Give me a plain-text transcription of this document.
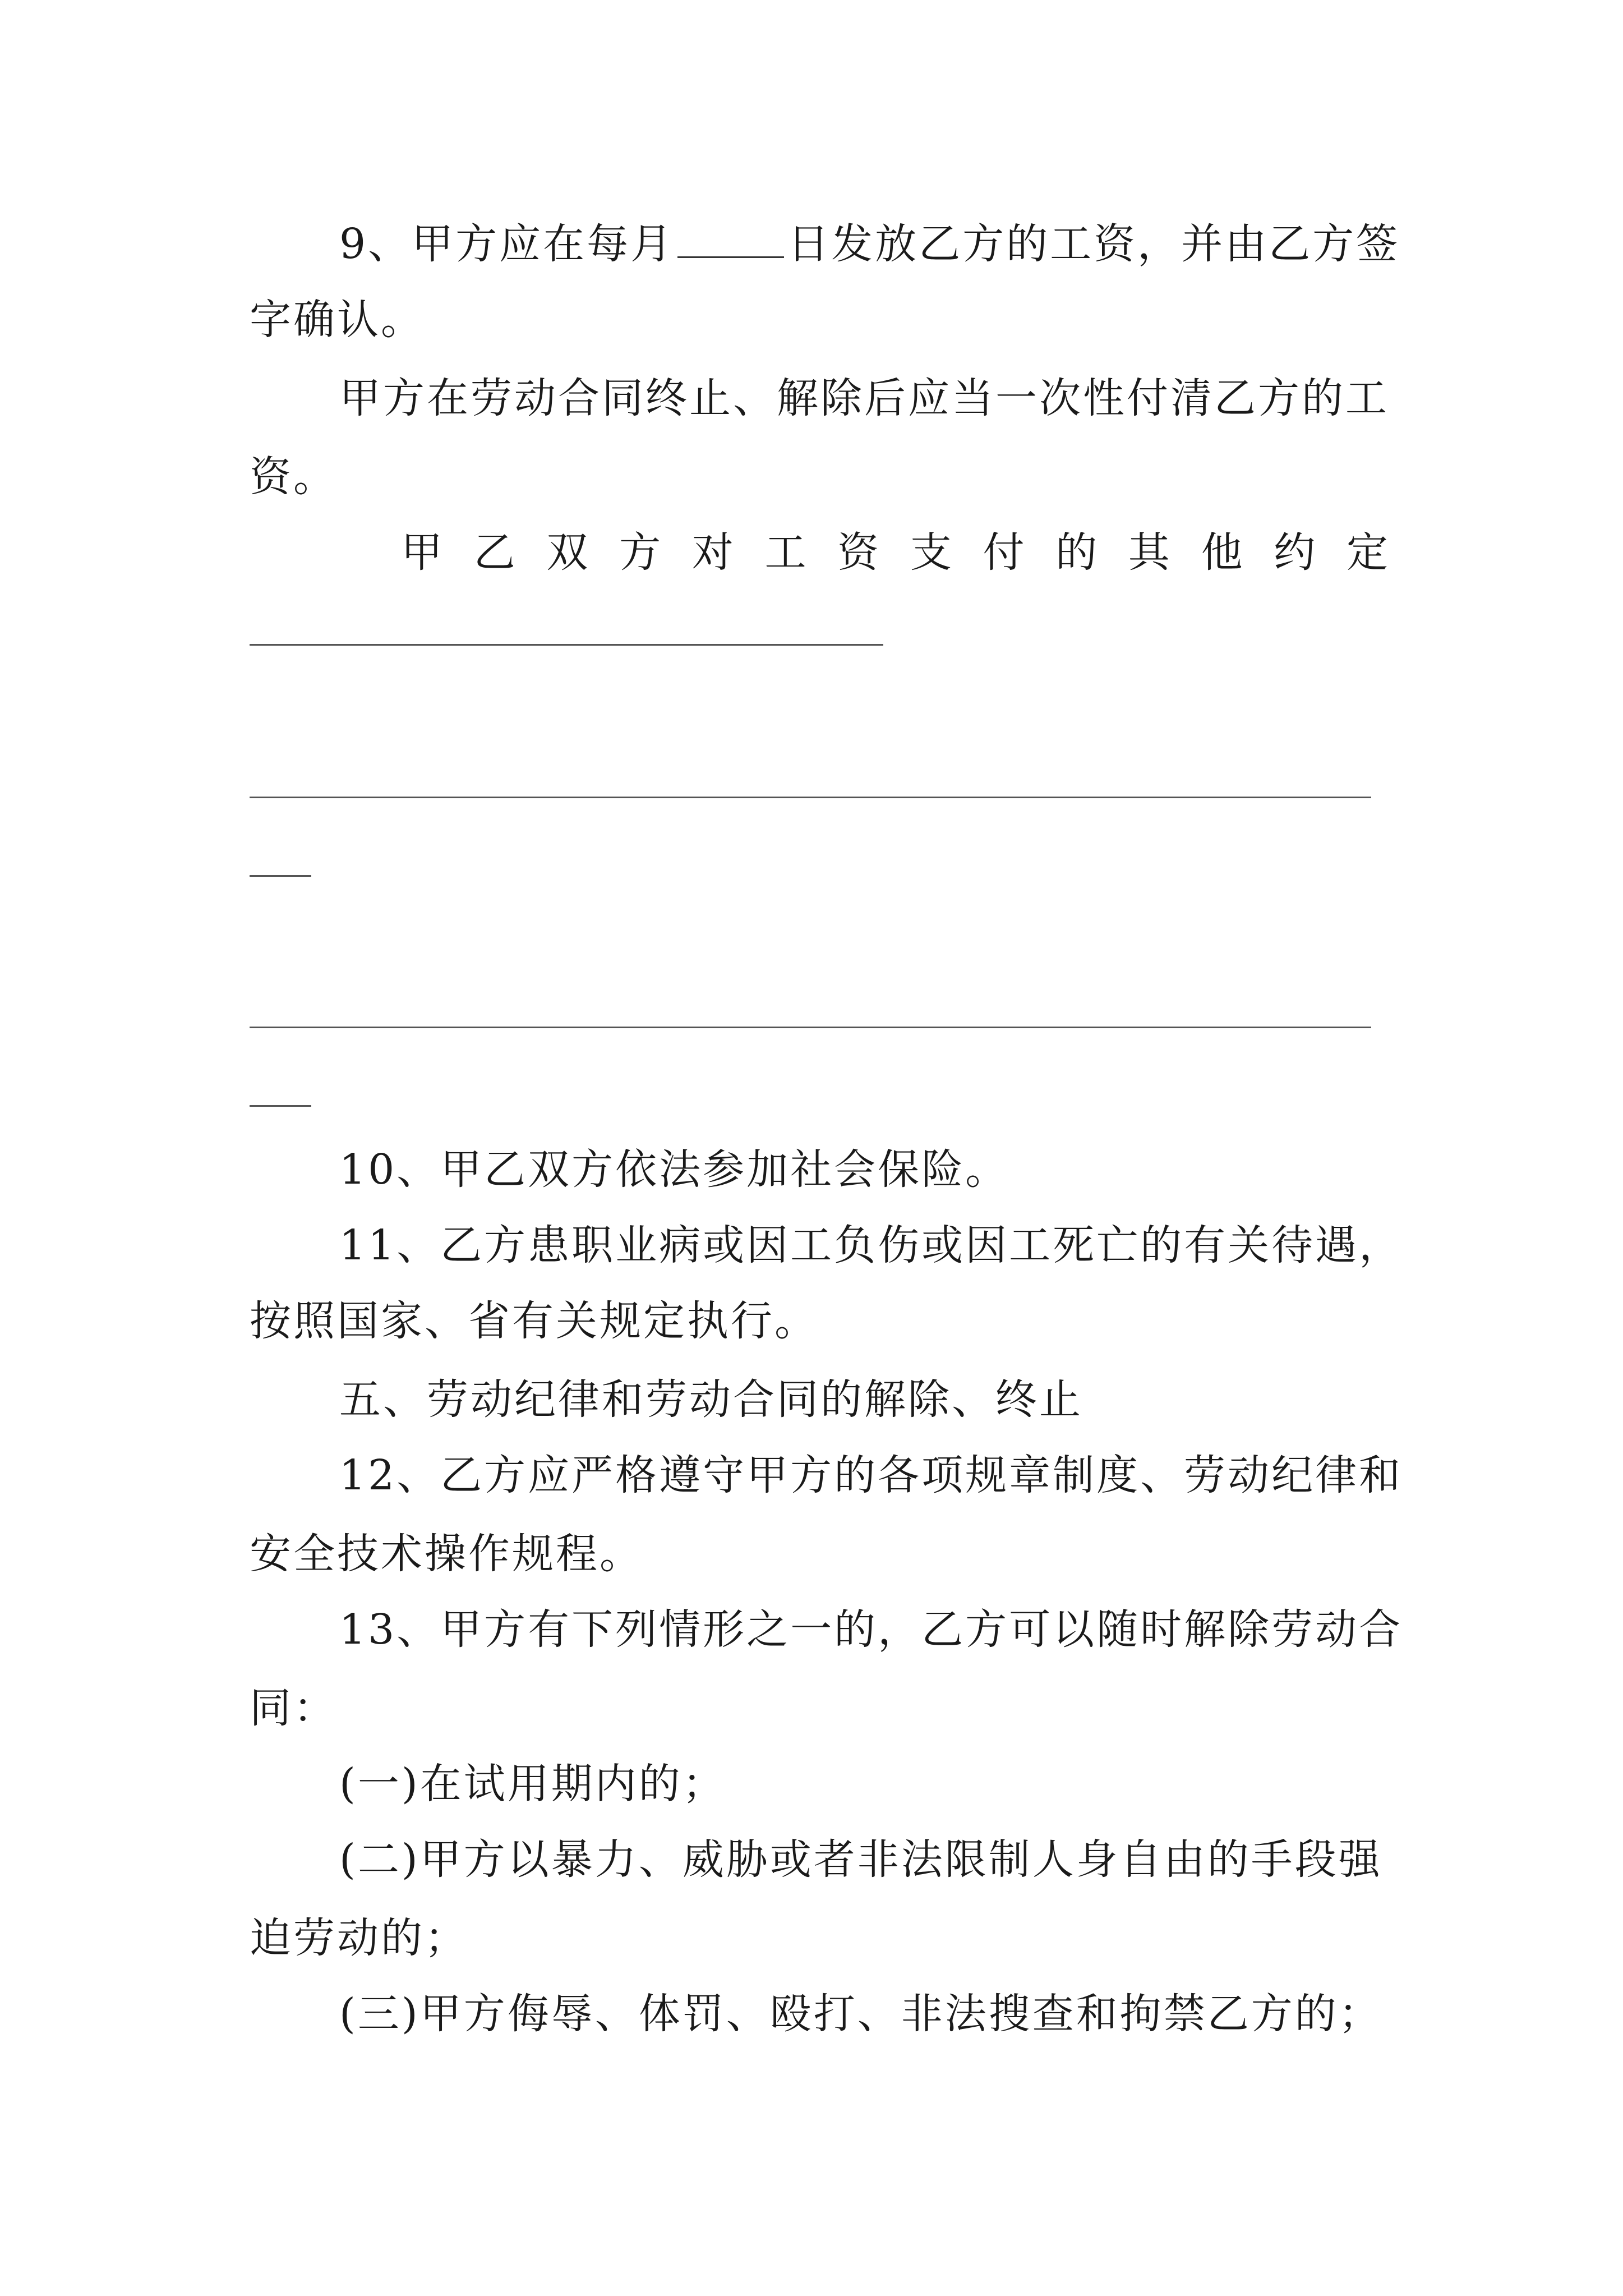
9、甲方应在每月	日发放乙方的工资，并由乙方签
字确认。
甲方在劳动合同终止、解除后应当一次性付清乙方的工
资。
甲 乙 双 方 对 工 资 支 付 的 其 他 约 定
10、甲乙双方依法参加社会保险。
11、乙方患职业病或因工负伤或因工死亡的有关待遇，
按照国家、省有关规定执行。
五、劳动纪律和劳动合同的解除、终止
12、乙方应严格遵守甲方的各项规章制度、劳动纪律和
安全技术操作规程。
13、甲方有下列情形之一的，乙方可以随时解除劳动合
同：
(一)在试用期内的；
(二)甲方以暴力、威胁或者非法限制人身自由的手段强
迫劳动的；
(三)甲方侮辱、体罚、殴打、非法搜查和拘禁乙方的；
